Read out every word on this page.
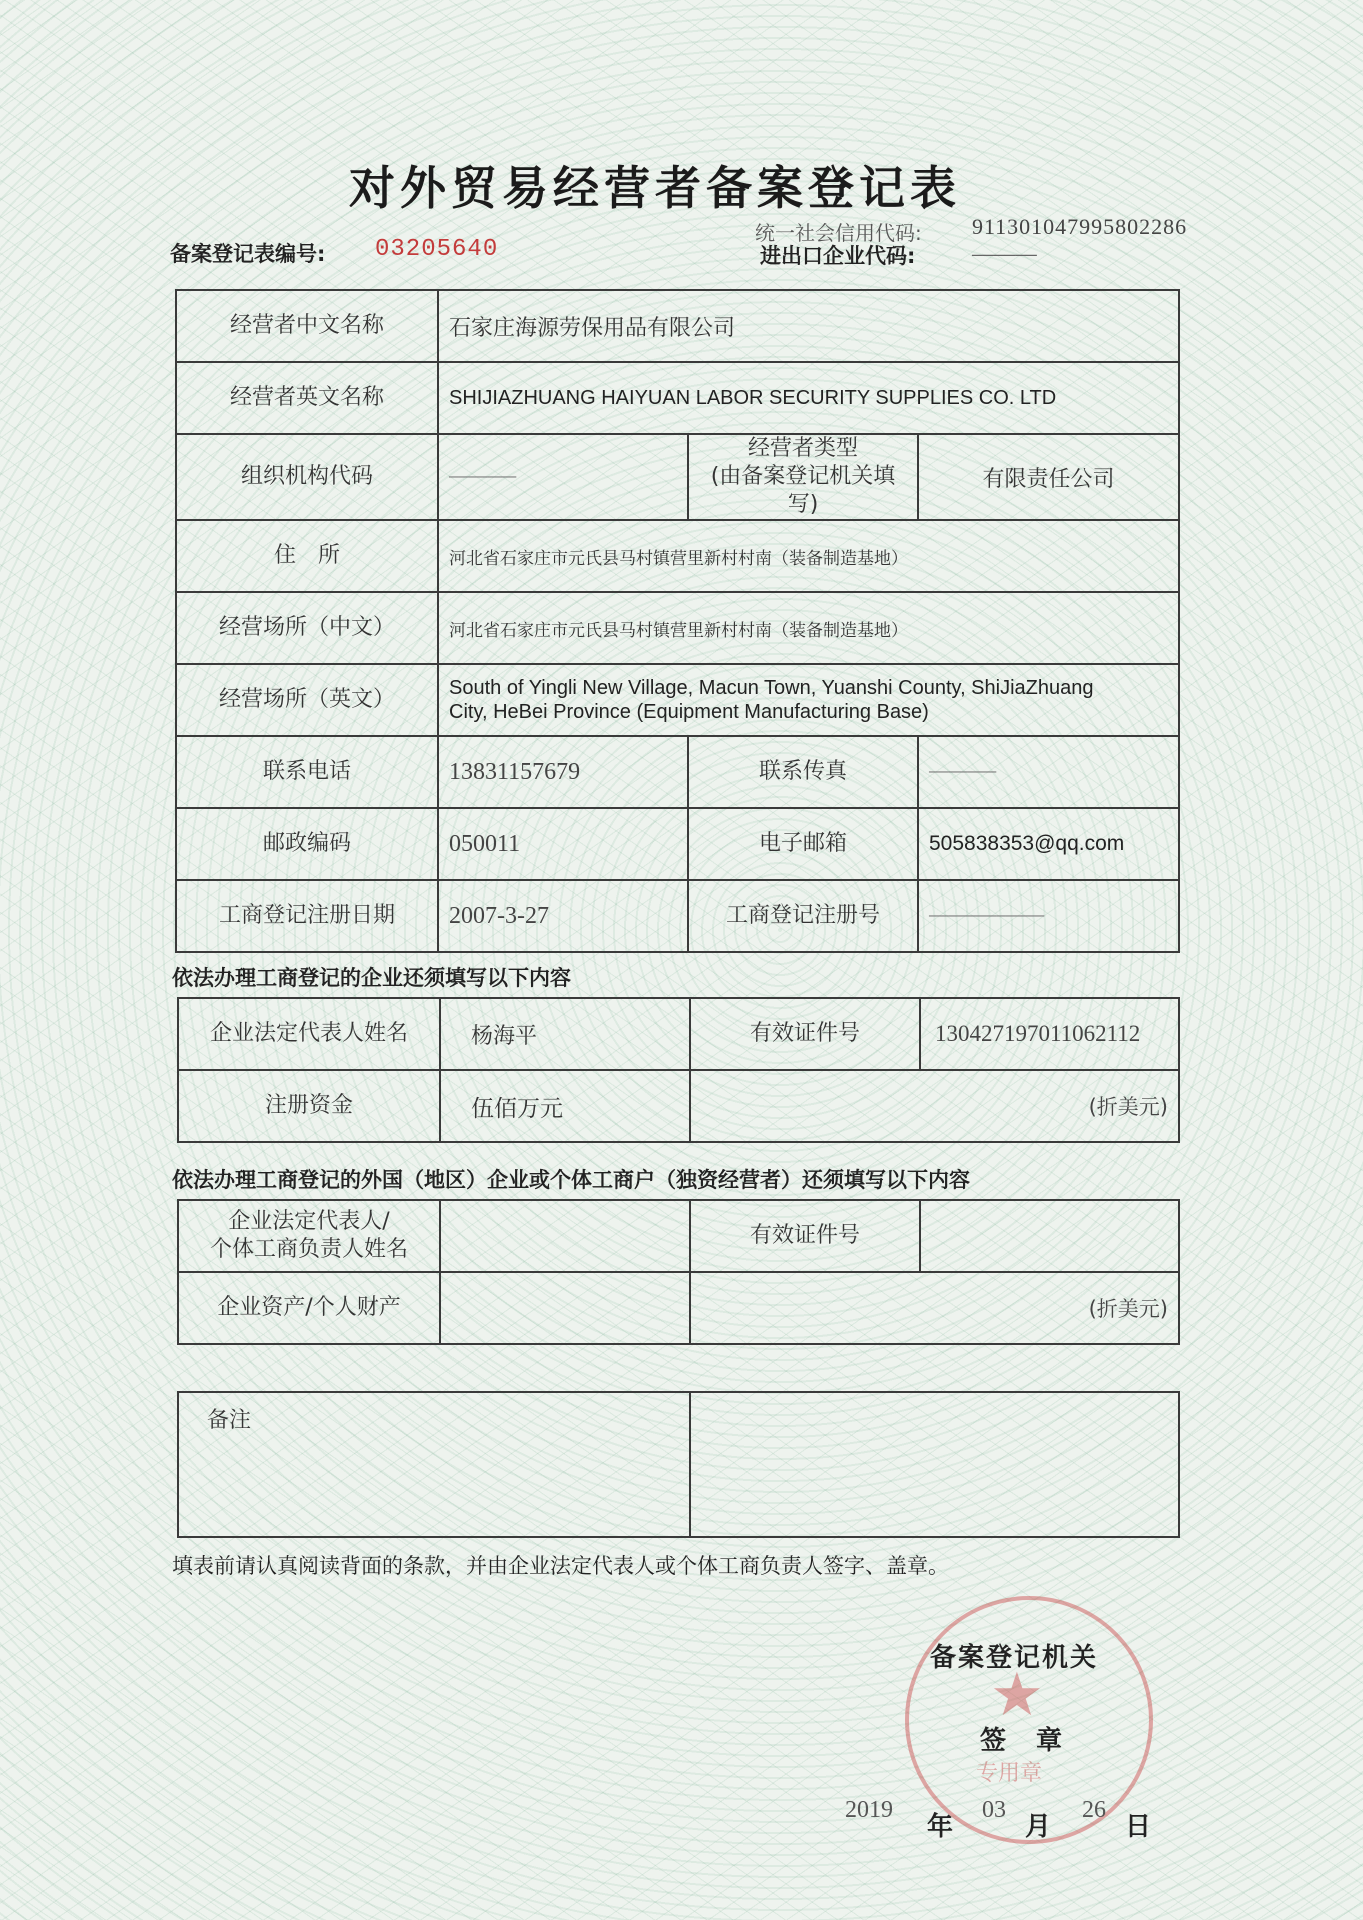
对外贸易经营者备案登记表
备案登记表编号: 03205640
统一社会信用代码: 911301047995802286
进出口企业代码:	——————
经营者中文名称	石家庄海源劳保用品有限公司		
经营者英文名称	SHIJIAZHUANG HAIYUAN LABOR SECURITY SUPPLIES CO. LTD		
组织机构代码	———————	经营者类型
(由备案登记机关填写)	有限责任公司
住　所	河北省石家庄市元氏县马村镇营里新村村南（装备制造基地）		
经营场所（中文）	河北省石家庄市元氏县马村镇营里新村村南（装备制造基地）		
经营场所（英文）	South of Yingli New Village, Macun Town, Yuanshi County, ShiJiaZhuang
City, HeBei Province (Equipment Manufacturing Base)		

联系电话	13831157679	联系传真	———————
邮政编码	050011	电子邮箱	505838353@qq.com
工商登记注册日期	2007-3-27	工商登记注册号	————————————
依法办理工商登记的企业还须填写以下内容
企业法定代表人姓名	杨海平	有效证件号	130427197011062112
注册资金	伍佰万元	(折美元)	
依法办理工商登记的外国（地区）企业或个体工商户（独资经营者）还须填写以下内容
企业法定代表人/
个体工商负责人姓名		有效证件号	
企业资产/个人财产		(折美元)	
备注	
填表前请认真阅读背面的条款，并由企业法定代表人或个体工商负责人签字、盖章。
★
专用章
备案登记机关
签　章
2019
年
03
月
26
日
